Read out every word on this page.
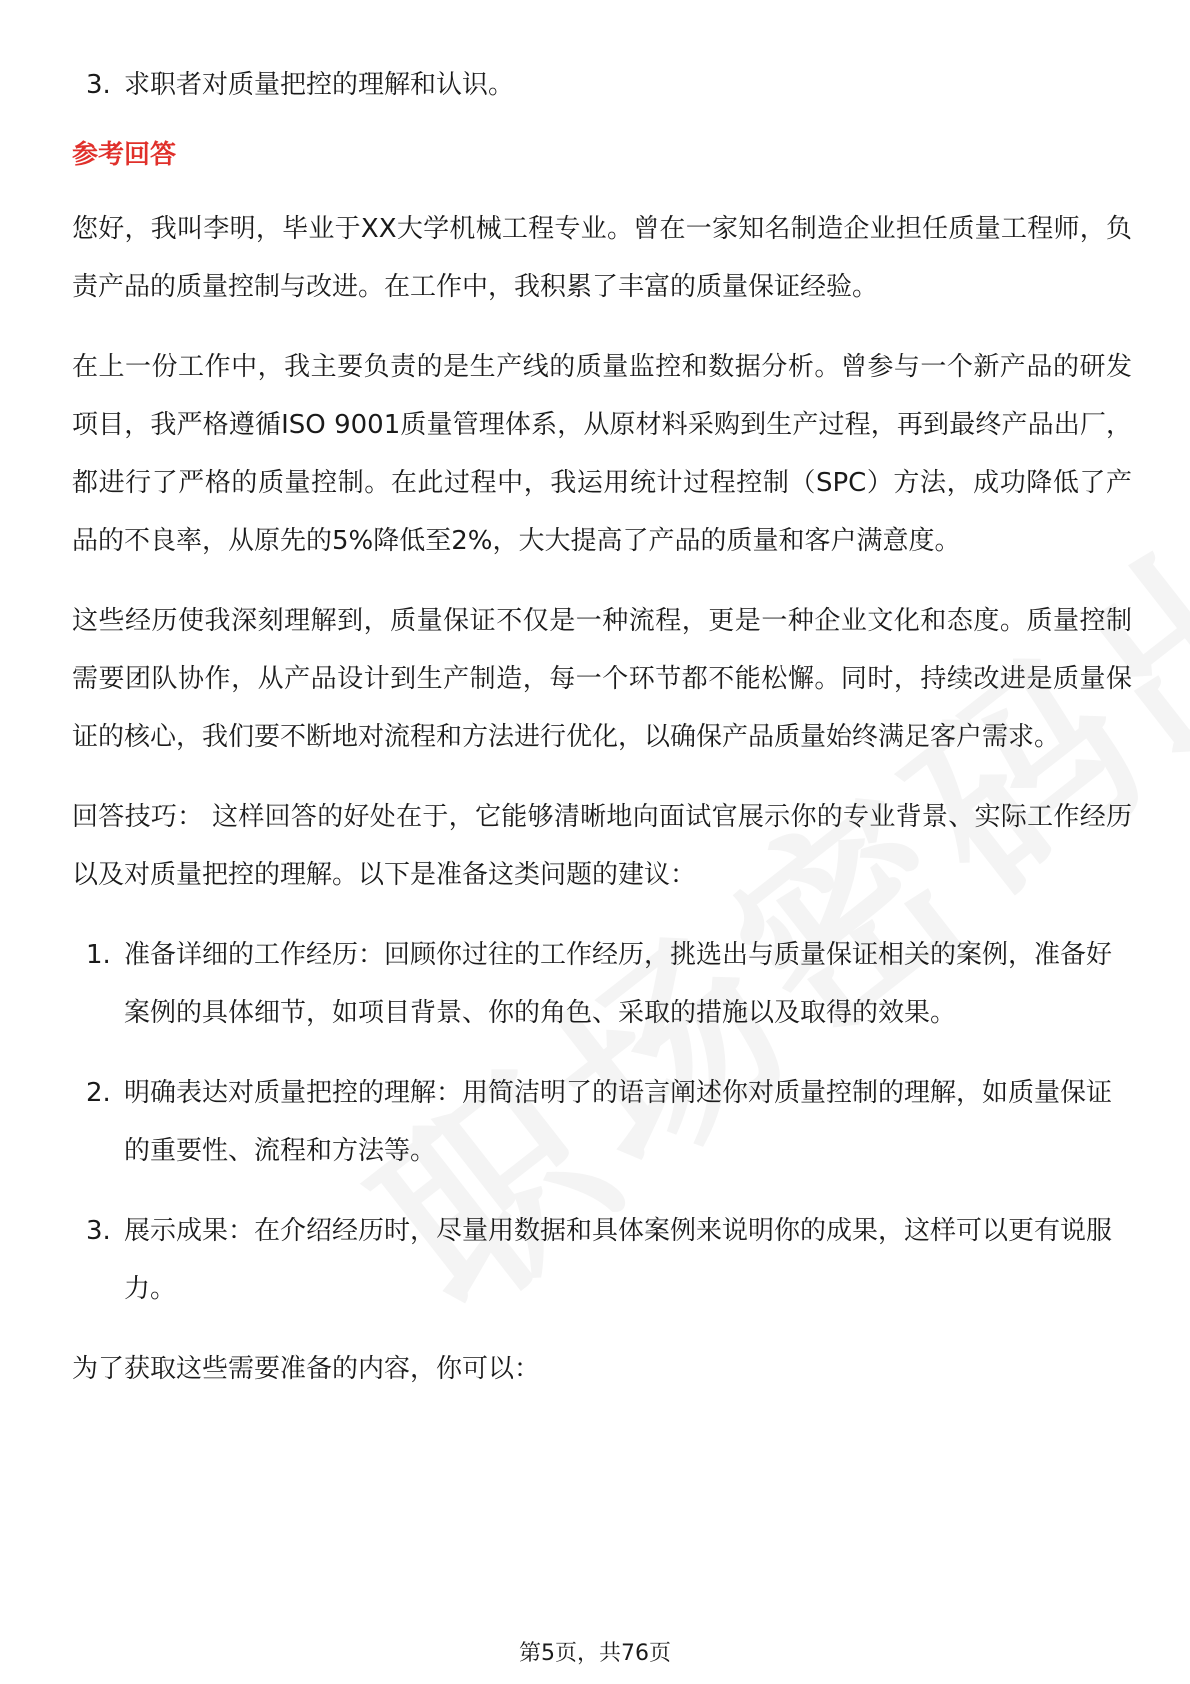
3. 求职者对质量把控的理解和认识。
参考回答

您好，我叫李明，毕业于XX大学机械工程专业。曾在一家知名制造企业担任质量工程师，负责产品的质量控制与改进。在工作中，我积累了丰富的质量保证经验。

在上一份工作中，我主要负责的是生产线的质量监控和数据分析。曾参与一个新产品的研发项目，我严格遵循ISO 9001质量管理体系，从原材料采购到生产过程，再到最终产品出厂，都进行了严格的质量控制。在此过程中，我运用统计过程控制（SPC）方法，成功降低了产品的不良率，从原先的5%降低至2%，大大提高了产品的质量和客户满意度。

这些经历使我深刻理解到，质量保证不仅是一种流程，更是一种企业文化和态度。质量控制需要团队协作，从产品设计到生产制造，每一个环节都不能松懈。同时，持续改进是质量保证的核心，我们要不断地对流程和方法进行优化，以确保产品质量始终满足客户需求。

回答技巧： 这样回答的好处在于，它能够清晰地向面试官展示你的专业背景、实际工作经历以及对质量把控的理解。以下是准备这类问题的建议：

1. 准备详细的工作经历：回顾你过往的工作经历，挑选出与质量保证相关的案例，准备好案例的具体细节，如项目背景、你的角色、采取的措施以及取得的效果。
2. 明确表达对质量把控的理解：用简洁明了的语言阐述你对质量控制的理解，如质量保证的重要性、流程和方法等。
3. 展示成果：在介绍经历时，尽量用数据和具体案例来说明你的成果，这样可以更有说服力。

为了获取这些需要准备的内容，你可以：

第5页，共76页
